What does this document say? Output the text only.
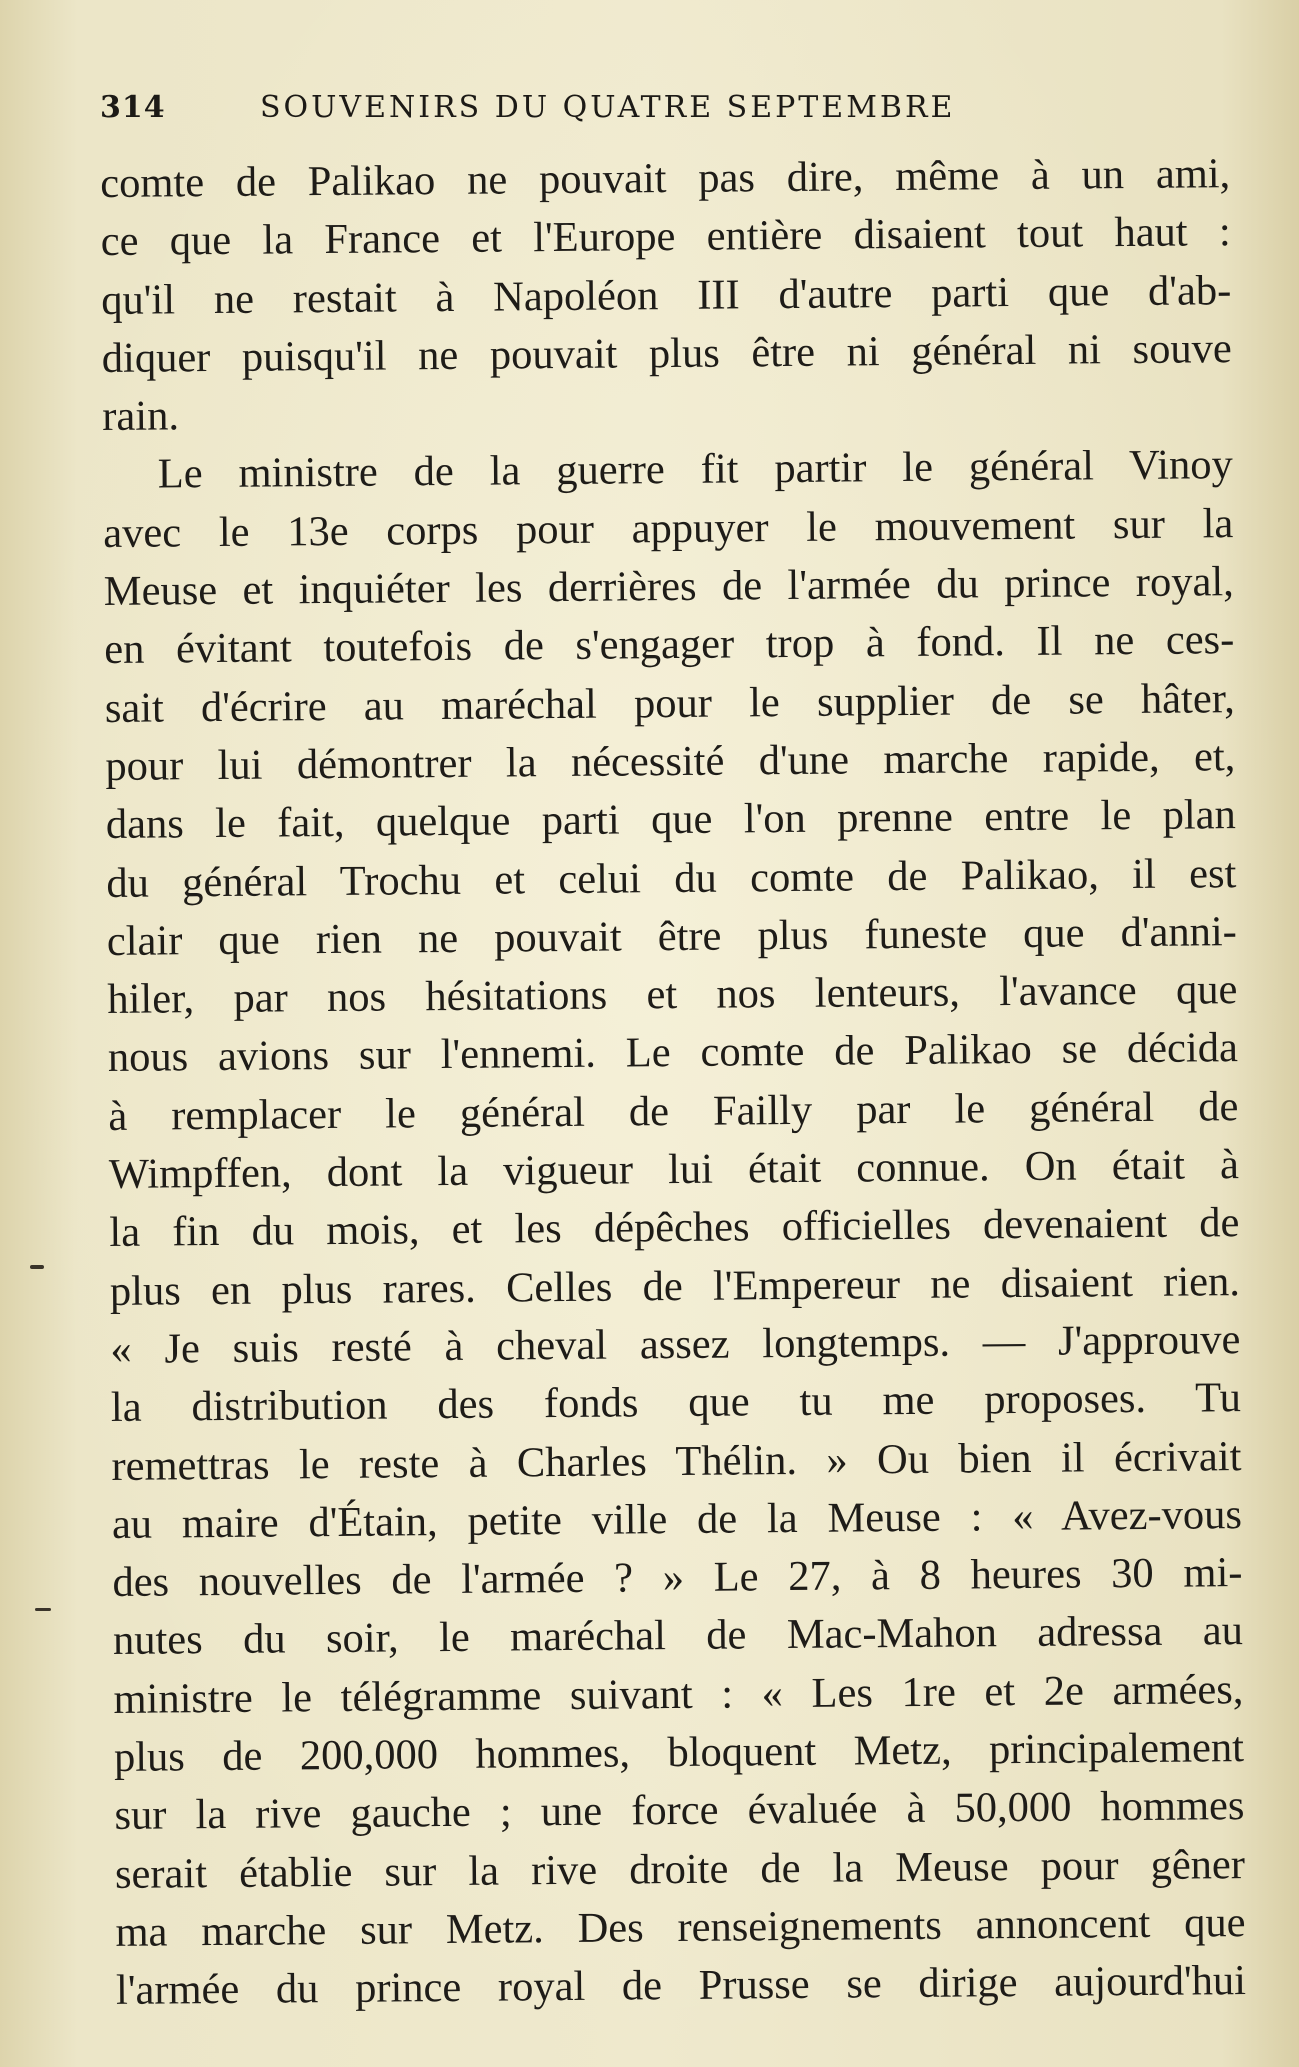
314	SOUVENIRS DU QUATRE SEPTEMBRE
comte de Palikao ne pouvait pas dire, même à un ami,
ce que la France et l'Europe entière disaient tout haut :
qu'il ne restait à Napoléon III d'autre parti que d'ab-
diquer puisqu'il ne pouvait plus être ni général ni souve
rain.
Le ministre de la guerre fit partir le général Vinoy
avec le 13e corps pour appuyer le mouvement sur la
Meuse et inquiéter les derrières de l'armée du prince royal,
en évitant toutefois de s'engager trop à fond. Il ne ces-
sait d'écrire au maréchal pour le supplier de se hâter,
pour lui démontrer la nécessité d'une marche rapide, et,
dans le fait, quelque parti que l'on prenne entre le plan
du général Trochu et celui du comte de Palikao, il est
clair que rien ne pouvait être plus funeste que d'anni-
hiler, par nos hésitations et nos lenteurs, l'avance que
nous avions sur l'ennemi. Le comte de Palikao se décida
à remplacer le général de Failly par le général de
Wimpffen, dont la vigueur lui était connue. On était à
la fin du mois, et les dépêches officielles devenaient de
plus en plus rares. Celles de l'Empereur ne disaient rien.
« Je suis resté à cheval assez longtemps. — J'approuve
la distribution des fonds que tu me proposes. Tu
remettras le reste à Charles Thélin. » Ou bien il écrivait
au maire d'Étain, petite ville de la Meuse : « Avez-vous
des nouvelles de l'armée ? » Le 27, à 8 heures 30 mi-
nutes du soir, le maréchal de Mac-Mahon adressa au
ministre le télégramme suivant : « Les 1re et 2e armées,
plus de 200,000 hommes, bloquent Metz, principalement
sur la rive gauche ; une force évaluée à 50,000 hommes
serait établie sur la rive droite de la Meuse pour gêner
ma marche sur Metz. Des renseignements annoncent que
l'armée du prince royal de Prusse se dirige aujourd'hui
